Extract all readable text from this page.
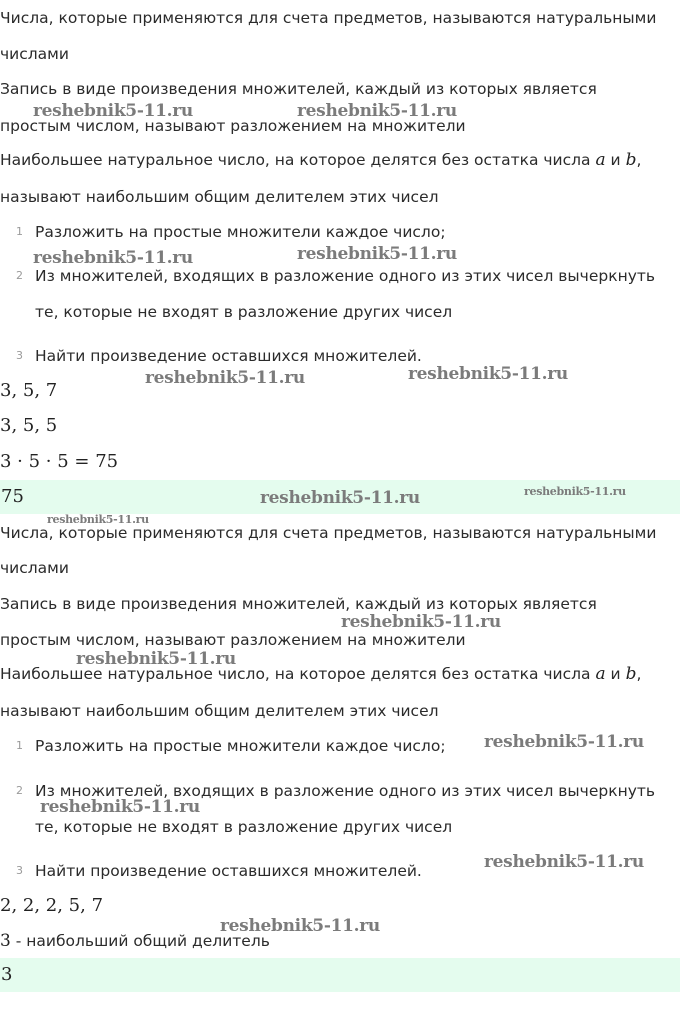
Числа, которые применяются для счета предметов, называются натуральными
числами
Запись в виде произведения множителей, каждый из которых является
простым числом, называют разложением на множители
Наибольшее натуральное число, на которое делятся без остатка числа a и b,
называют наибольшим общим делителем этих чисел
1 Разложить на простые множители каждое число;
2 Из множителей, входящих в разложение одного из этих чисел вычеркнуть
те, которые не входят в разложение других чисел
3 Найти произведение оставшихся множителей.
3, 5, 7
3, 5, 5
3 · 5 · 5 = 75
75
Числа, которые применяются для счета предметов, называются натуральными
числами
Запись в виде произведения множителей, каждый из которых является
простым числом, называют разложением на множители
Наибольшее натуральное число, на которое делятся без остатка числа a и b,
называют наибольшим общим делителем этих чисел
1 Разложить на простые множители каждое число;
2 Из множителей, входящих в разложение одного из этих чисел вычеркнуть
те, которые не входят в разложение других чисел
3 Найти произведение оставшихся множителей.
2, 2, 2, 5, 7
3 - наибольший общий делитель
3
reshebnik5-11.ru	reshebnik5-11.ru
reshebnik5-11.ru	reshebnik5-11.ru
reshebnik5-11.ru	reshebnik5-11.ru
reshebnik5-11.ru	reshebnik5-11.ru
reshebnik5-11.ru
reshebnik5-11.ru
reshebnik5-11.ru
reshebnik5-11.ru
reshebnik5-11.ru
reshebnik5-11.ru
reshebnik5-11.ru
